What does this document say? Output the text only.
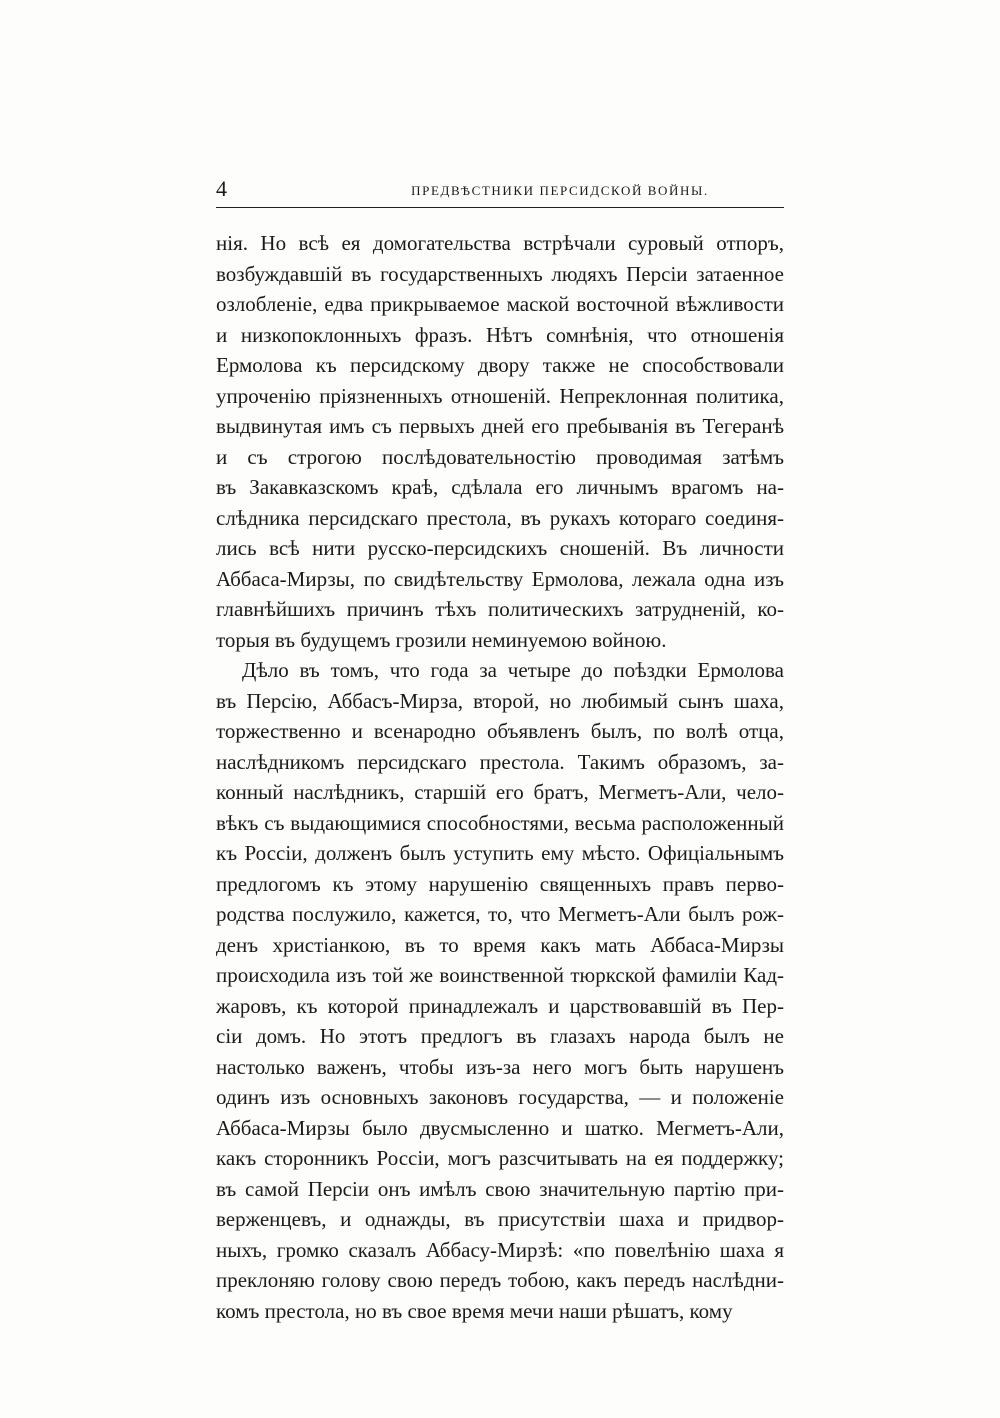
4	ПРЕДВѢСТНИКИ ПЕРСИДСКОЙ ВОЙНЫ.
нія. Но всѣ ея домогательства встрѣчали суровый отпоръ,
возбуждавшій въ государственныхъ людяхъ Персіи затаенное
озлобленіе, едва прикрываемое маской восточной вѣжливости
и низкопоклонныхъ фразъ. Нѣтъ сомнѣнія, что отношенія
Ермолова къ персидскому двору также не способствовали
упроченію пріязненныхъ отношеній. Непреклонная политика,
выдвинутая имъ съ первыхъ дней его пребыванія въ Тегеранѣ
и съ строгою послѣдовательностію проводимая затѣмъ
въ Закавказскомъ краѣ, сдѣлала его личнымъ врагомъ на-
слѣдника персидскаго престола, въ рукахъ котораго соединя-
лись всѣ нити русско-персидскихъ сношеній. Въ личности
Аббаса-Мирзы, по свидѣтельству Ермолова, лежала одна изъ
главнѣйшихъ причинъ тѣхъ политическихъ затрудненій, ко-
торыя въ будущемъ грозили неминуемою войною.
Дѣло въ томъ, что года за четыре до поѣздки Ермолова
въ Персію, Аббасъ-Мирза, второй, но любимый сынъ шаха,
торжественно и всенародно объявленъ былъ, по волѣ отца,
наслѣдникомъ персидскаго престола. Такимъ образомъ, за-
конный наслѣдникъ, старшій его братъ, Мегметъ-Али, чело-
вѣкъ съ выдающимися способностями, весьма расположенный
къ Россіи, долженъ былъ уступить ему мѣсто. Офиціальнымъ
предлогомъ къ этому нарушенію священныхъ правъ перво-
родства послужило, кажется, то, что Мегметъ-Али былъ рож-
денъ христіанкою, въ то время какъ мать Аббаса-Мирзы
происходила изъ той же воинственной тюркской фамиліи Кад-
жаровъ, къ которой принадлежалъ и царствовавшій въ Пер-
сіи домъ. Но этотъ предлогъ въ глазахъ народа былъ не
настолько важенъ, чтобы изъ-за него могъ быть нарушенъ
одинъ изъ основныхъ законовъ государства, — и положеніе
Аббаса-Мирзы было двусмысленно и шатко. Мегметъ-Али,
какъ сторонникъ Россіи, могъ разсчитывать на ея поддержку;
въ самой Персіи онъ имѣлъ свою значительную партію при-
верженцевъ, и однажды, въ присутствіи шаха и придвор-
ныхъ, громко сказалъ Аббасу-Мирзѣ: «по повелѣнію шаха я
преклоняю голову свою передъ тобою, какъ передъ наслѣдни-
комъ престола, но въ свое время мечи наши рѣшатъ, кому
